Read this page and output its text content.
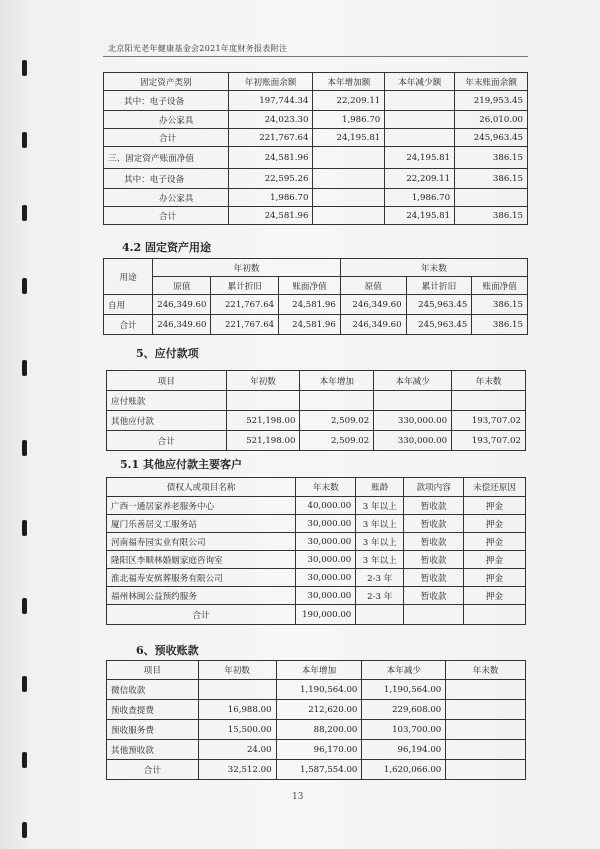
北京阳光老年健康基金会2021年度财务报表附注
固定资产类别	年初账面余额	本年增加额	本年减少额	年末账面余额
其中：电子设备	197,744.34	22,209.11		219,953.45
办公家具	24,023.30	1,986.70		26,010.00
合计	221,767.64	24,195.81		245,963.45
三、固定资产账面净值	24,581.96		24,195.81	386.15
其中：电子设备	22,595.26		22,209.11	386.15
办公家具	1,986.70		1,986.70	
合计	24,581.96		24,195.81	386.15
4.2 固定资产用途
用途	年初数			年末数		
	原值	累计折旧	账面净值	原值	累计折旧	账面净值
自用	246,349.60	221,767.64	24,581.96	246,349.60	245,963.45	386.15
合计	246,349.60	221,767.64	24,581.96	246,349.60	245,963.45	386.15
5、应付款项
项目	年初数	本年增加	本年减少	年末数
应付账款				
其他应付款	521,198.00	2,509.02	330,000.00	193,707.02
合计	521,198.00	2,509.02	330,000.00	193,707.02
5.1 其他应付款主要客户
债权人或项目名称	年末数	账龄	款项内容	未偿还原因
广西一通居家养老服务中心	40,000.00	3 年以上	暂收款	押金
厦门乐善居义工服务站	30,000.00	3 年以上	暂收款	押金
河南福寿园实业有限公司	30,000.00	3 年以上	暂收款	押金
隆阳区李顺林婚姻家庭咨询室	30,000.00	3 年以上	暂收款	押金
淮北福寿安殡葬服务有限公司	30,000.00	2-3 年	暂收款	押金
福州林闽公益预约服务	30,000.00	2-3 年	暂收款	押金
合计	190,000.00			
6、预收账款
项目	年初数	本年增加	本年减少	年末数
微信收款		1,190,564.00	1,190,564.00	
预收查提费	16,988.00	212,620.00	229,608.00	
预收服务费	15,500.00	88,200.00	103,700.00	
其他预收款	24.00	96,170.00	96,194.00	
合计	32,512.00	1,587,554.00	1,620,066.00	
13
